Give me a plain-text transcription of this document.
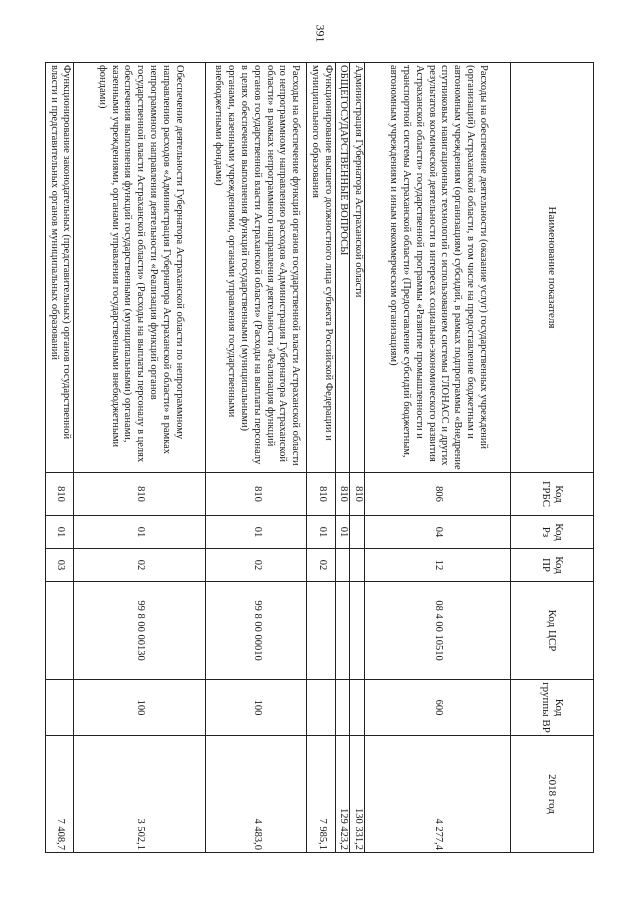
391
Наименование показателя	Код ГРБС	Код Рз	Код ПР	Код ЦСР	Код группы ВР	2018 год
Расходы на обеспечение деятельности (оказание услуг) государственных учреждений (организаций) Астраханской области, в том числе на предоставление бюджетным и автономным учреждениям (организациям) субсидий, в рамках подпрограммы «Внедрение спутниковых навигационных технологий с использованием системы ГЛОНАСС и других результатов космической деятельности в интересах социально-экономического развития Астраханской области» государственной программы «Развитие промышленности и транспортной системы Астраханской области» (Предоставление субсидий бюджетным, автономным учреждениям и иным некоммерческим организациям)	806	04	12	08 4 00 10510	600	4 277,4
Администрация Губернатора Астраханской области	810					130 331,2
ОБЩЕГОСУДАРСТВЕННЫЕ ВОПРОСЫ	810	01				129 423,2
Функционирование высшего должностного лица субъекта Российской Федерации и муниципального образования	810	01	02			7 985,1
Расходы на обеспечение функций органов государственной власти Астраханской области по непрограммному направлению расходов «Администрация Губернатора Астраханской области» в рамках непрограммного направления деятельности «Реализация функций органов государственной власти Астраханской области» (Расходы на выплаты персоналу в целях обеспечения выполнения функций государственными (муниципальными) органами, казенными учреждениями, органами управления государственными внебюджетными фондами)	810	01	02	99 8 00 00010	100	4 483,0
Обеспечение деятельности Губернатора Астраханской области по непрограммному направлению расходов «Администрация Губернатора Астраханской области» в рамках непрограммного направления деятельности «Реализация функций органов государственной власти Астраханской области» (Расходы на выплаты персоналу в целях обеспечения выполнения функций государственными (муниципальными) органами, казенными учреждениями, органами управления государственными внебюджетными фондами)	810	01	02	99 8 00 00130	100	3 502,1
Функционирование законодательных (представительных) органов государственной власти и представительных органов муниципальных образований	810	01	03			7 408,7
